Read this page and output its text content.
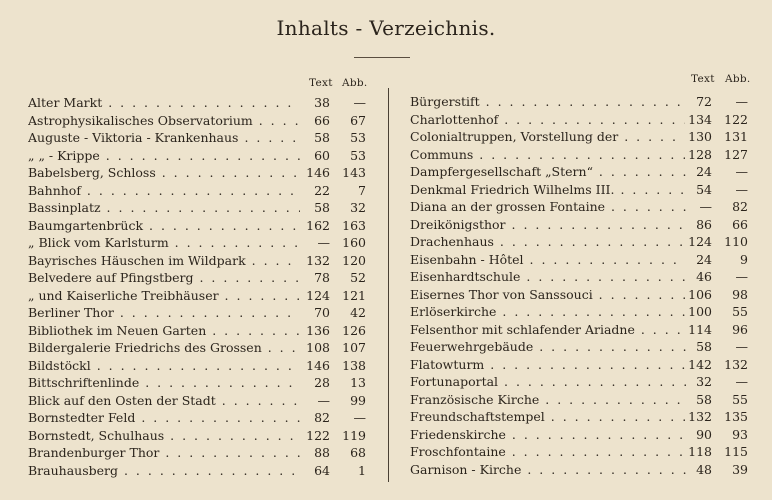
Inhalts - Verzeichnis.
Text Abb.	Text Abb.
Alter Markt . . .	38 —
Astrophysikalisches Observatorium . . .	66 67
Auguste - Viktoria - Krankenhaus . . .	58 53
„ „ - Krippe . . .	60 53
Babelsberg, Schloss . . .	146 143
Bahnhof . . .	22 7
Bassinplatz . . .	58 32
Baumgartenbrück . . .	162 163
„ Blick vom Karlsturm . . .	— 160
Bayrisches Häuschen im Wildpark . . .	132 120
Belvedere auf Pfingstberg . . .	78 52
„ und Kaiserliche Treibhäuser . . .	124 121
Berliner Thor . . .	70 42
Bibliothek im Neuen Garten . . .	136 126
Bildergalerie Friedrichs des Grossen . . .	108 107
Bildstöckl . . .	146 138
Bittschriftenlinde . . .	28 13
Blick auf den Osten der Stadt . . .	— 99
Bornstedter Feld . . .	82 —
Bornstedt, Schulhaus . . .	122 119
Brandenburger Thor . . .	88 68
Brauhausberg . . .	64 1
Bürgerstift . . .	72 —
Charlottenhof . . .	134 122
Colonialtruppen, Vorstellung der . . .	130 131
Communs . . .	128 127
Dampfergesellschaft „Stern“ . . .	24 —
Denkmal Friedrich Wilhelms III. . . .	54 —
Diana an der grossen Fontaine . . .	— 82
Dreikönigsthor . . .	86 66
Drachenhaus . . .	124 110
Eisenbahn - Hôtel . . .	24 9
Eisenhardtschule . . .	46 —
Eisernes Thor von Sanssouci . . .	106 98
Erlöserkirche . . .	100 55
Felsenthor mit schlafender Ariadne . . .	114 96
Feuerwehrgebäude . . .	58 —
Flatowturm . . .	142 132
Fortunaportal . . .	32 —
Französische Kirche . . .	58 55
Freundschaftstempel . . .	132 135
Friedenskirche . . .	90 93
Froschfontaine . . .	118 115
Garnison - Kirche . . .	48 39
